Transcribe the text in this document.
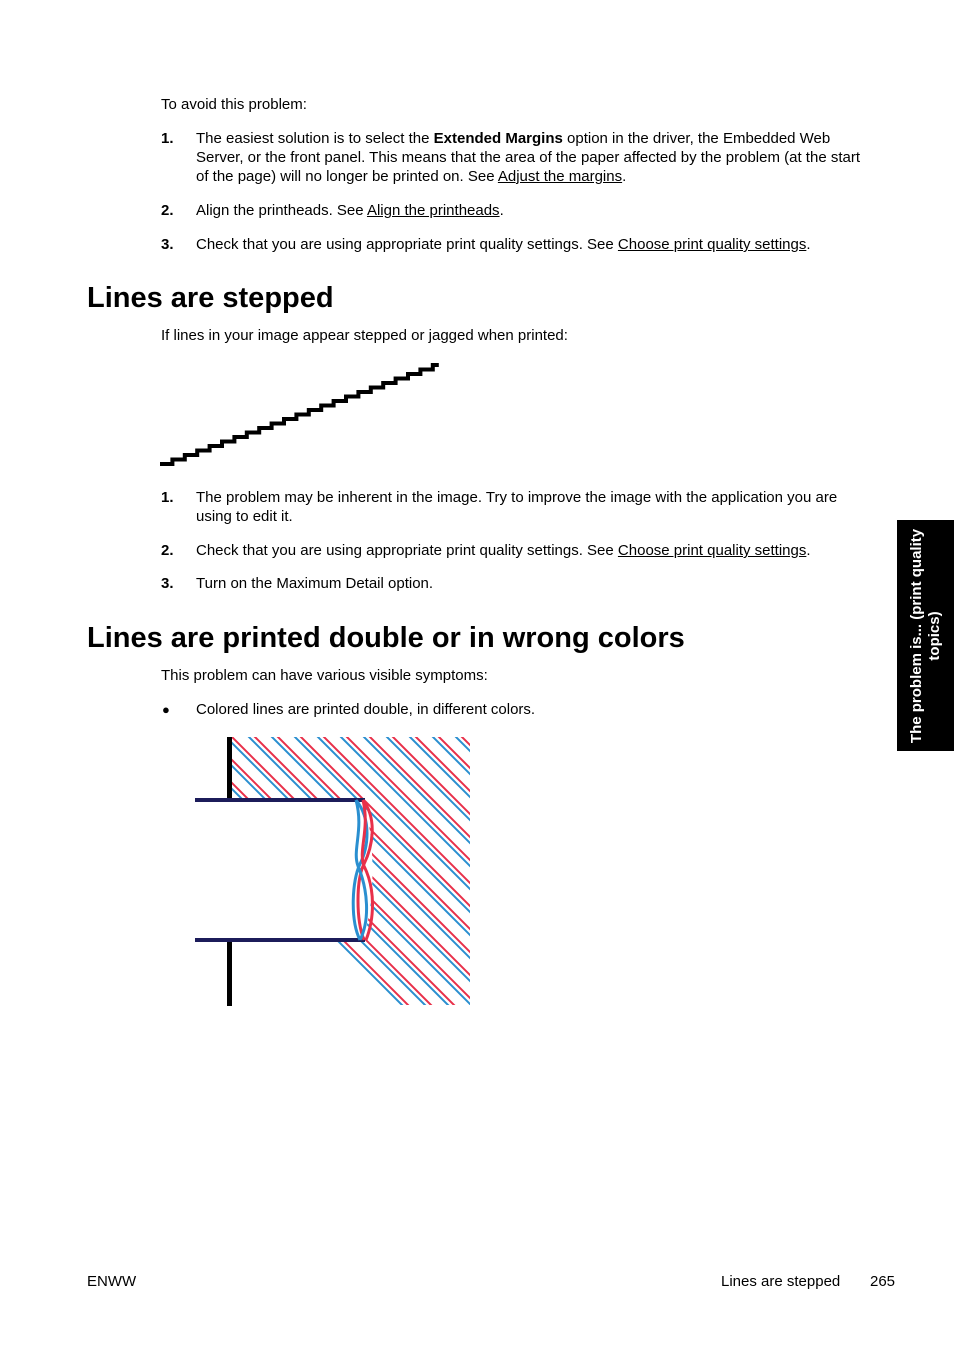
To avoid this problem:
1. The easiest solution is to select the Extended Margins option in the driver, the Embedded Web Server, or the front panel. This means that the area of the paper affected by the problem (at the start of the page) will no longer be printed on. See Adjust the margins.
2. Align the printheads. See Align the printheads.
3. Check that you are using appropriate print quality settings. See Choose print quality settings.
Lines are stepped
If lines in your image appear stepped or jagged when printed:
1. The problem may be inherent in the image. Try to improve the image with the application you are using to edit it.
2. Check that you are using appropriate print quality settings. See Choose print quality settings.
3. Turn on the Maximum Detail option.
Lines are printed double or in wrong colors
This problem can have various visible symptoms:
● Colored lines are printed double, in different colors.	The problem is... (print quality topics)
ENWW	Lines are stepped 265
